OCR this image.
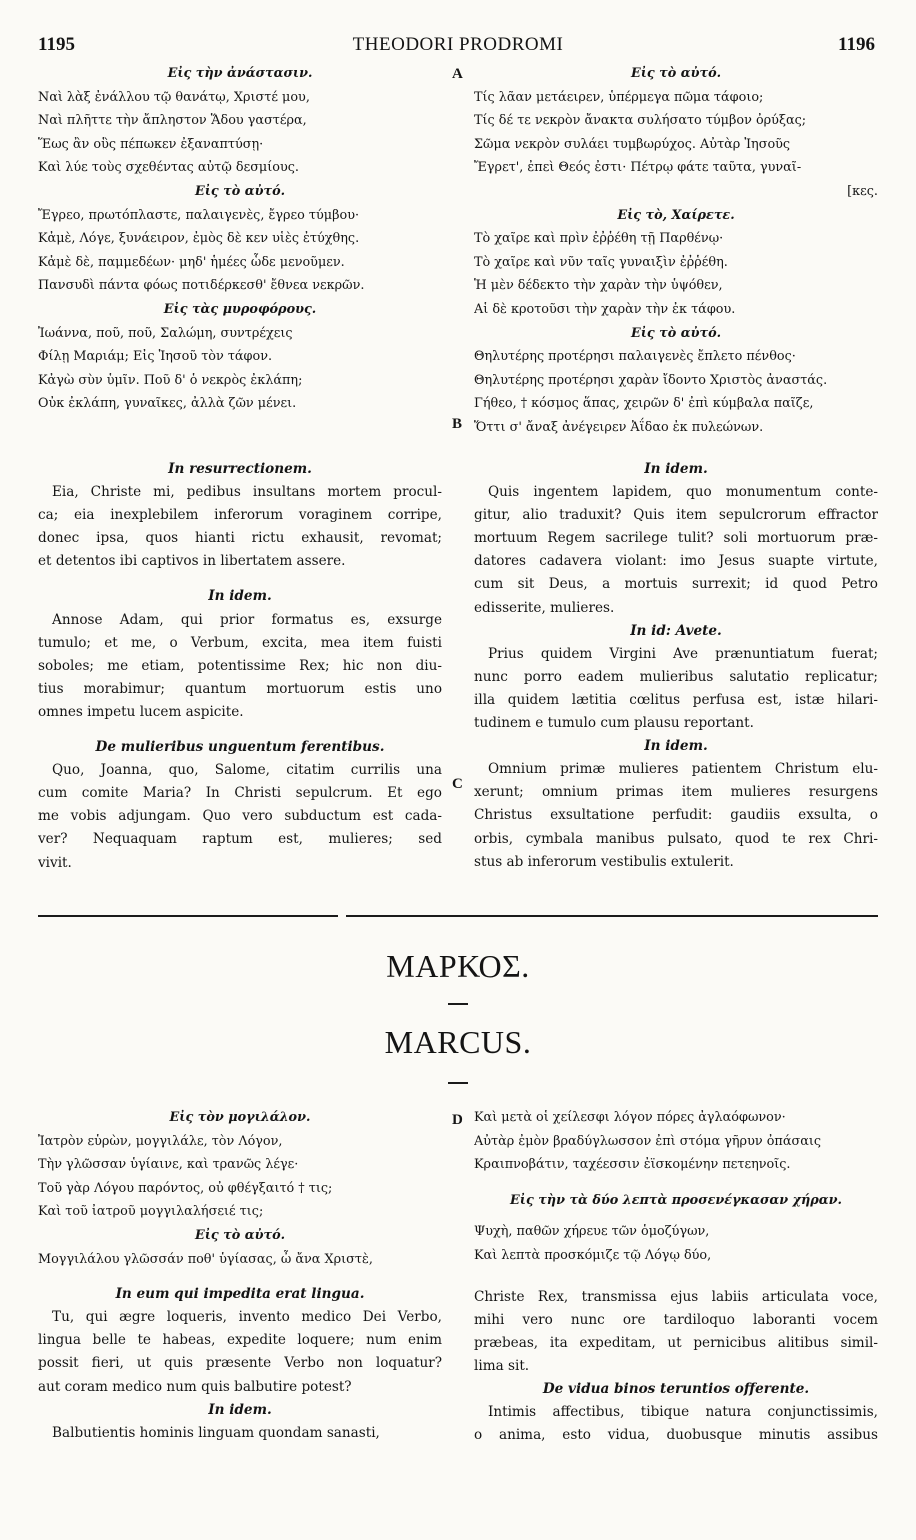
1195	THEODORI PRODROMI	1196
A
B
C
D
Εἰς τὴν ἀνάστασιν.
Ναὶ λὰξ ἐνάλλου τῷ θανάτῳ, Χριστέ μου,
Ναὶ πλῆττε τὴν ἄπληστον Ἅδου γαστέρα,
Ἕως ἂν οὓς πέπωκεν ἐξαναπτύσῃ·
Καὶ λύε τοὺς σχεθέντας αὐτῷ δεσμίους.
Εἰς τὸ αὐτό.
Ἔγρεο, πρωτόπλαστε, παλαιγενὲς, ἔγρεο τύμβου·
Κἀμὲ, Λόγε, ξυνάειρον, ἐμὸς δὲ κεν υἱὲς ἐτύχθης.
Κἀμὲ δὲ, παμμεδέων· μηδ' ἡμέες ὧδε μενοῦμεν.
Πανσυδὶ πάντα φόως ποτιδέρκεσθ' ἔθνεα νεκρῶν.
Εἰς τὰς μυροφόρους.
Ἰωάννα, ποῦ, ποῦ, Σαλώμη, συντρέχεις
Φίλῃ Μαριάμ; Εἰς Ἰησοῦ τὸν τάφον.
Κἀγὼ σὺν ὑμῖν. Ποῦ δ' ὁ νεκρὸς ἐκλάπη;
Οὐκ ἐκλάπη, γυναῖκες, ἀλλὰ ζῶν μένει.
Εἰς τὸ αὐτό.
Τίς λᾶαν μετάειρεν, ὑπέρμεγα πῶμα τάφοιο;
Τίς δέ τε νεκρὸν ἄνακτα συλήσατο τύμβον ὀρύξας;
Σῶμα νεκρὸν συλάει τυμβωρύχος. Αὐτὰρ Ἰησοῦς
Ἔγρετ', ἐπεὶ Θεός ἐστι· Πέτρῳ φάτε ταῦτα, γυναῖ-
[κες.
Εἰς τὸ, Χαίρετε.
Τὸ χαῖρε καὶ πρὶν ἐῤῥέθη τῇ Παρθένῳ·
Τὸ χαῖρε καὶ νῦν ταῖς γυναιξὶν ἐῤῥέθη.
Ἡ μὲν δέδεκτο τὴν χαρὰν τὴν ὑψόθεν,
Αἱ δὲ κροτοῦσι τὴν χαρὰν τὴν ἐκ τάφου.
Εἰς τὸ αὐτό.
Θηλυτέρης προτέρησι παλαιγενὲς ἔπλετο πένθος·
Θηλυτέρης προτέρησι χαρὰν ἴδοντο Χριστὸς ἀναστάς.
Γήθεο, † κόσμος ἅπας, χειρῶν δ' ἐπὶ κύμβαλα παῖζε,
Ὅττι σ' ἄναξ ἀνέγειρεν Ἀΐδαο ἐκ πυλεώνων.
In resurrectionem.
Eia, Christe mi, pedibus insultans mortem procul-
ca; eia inexplebilem inferorum voraginem corripe,
donec ipsa, quos hianti rictu exhausit, revomat;
et detentos ibi captivos in libertatem assere.
In idem.
Annose Adam, qui prior formatus es, exsurge
tumulo; et me, o Verbum, excita, mea item fuisti
soboles; me etiam, potentissime Rex; hic non diu-
tius morabimur; quantum mortuorum estis uno
omnes impetu lucem aspicite.
De mulieribus unguentum ferentibus.
Quo, Joanna, quo, Salome, citatim currilis una
cum comite Maria? In Christi sepulcrum. Et ego
me vobis adjungam. Quo vero subductum est cada-
ver? Nequaquam raptum est, mulieres; sed
vivit.
In idem.
Quis ingentem lapidem, quo monumentum conte-
gitur, alio traduxit? Quis item sepulcrorum effractor
mortuum Regem sacrilege tulit? soli mortuorum præ-
datores cadavera violant: imo Jesus suapte virtute,
cum sit Deus, a mortuis surrexit; id quod Petro
edisserite, mulieres.
In id: Avete.
Prius quidem Virgini Ave prænuntiatum fuerat;
nunc porro eadem mulieribus salutatio replicatur;
illa quidem lætitia cœlitus perfusa est, istæ hilari-
tudinem e tumulo cum plausu reportant.
In idem.
Omnium primæ mulieres patientem Christum elu-
xerunt; omnium primas item mulieres resurgens
Christus exsultatione perfudit: gaudiis exsulta, o
orbis, cymbala manibus pulsato, quod te rex Chri-
stus ab inferorum vestibulis extulerit.
ΜΑΡΚΟΣ.
MARCUS.
Εἰς τὸν μογιλάλον.
Ἰατρὸν εὑρὼν, μογγιλάλε, τὸν Λόγον,
Τὴν γλῶσσαν ὑγίαινε, καὶ τρανῶς λέγε·
Τοῦ γὰρ Λόγου παρόντος, οὐ φθέγξαιτό † τις;
Καὶ τοῦ ἰατροῦ μογγιλαλήσειέ τις;
Εἰς τὸ αὐτό.
Μογγιλάλου γλῶσσάν ποθ' ὑγίασας, ὦ ἄνα Χριστὲ,
In eum qui impedita erat lingua.
Tu, qui ægre loqueris, invento medico Dei Verbo,
lingua belle te habeas, expedite loquere; num enim
possit fieri, ut quis præsente Verbo non loquatur?
aut coram medico num quis balbutire potest?
In idem.
Balbutientis hominis linguam quondam sanasti,
Καὶ μετὰ οἱ χείλεσφι λόγον πόρες ἀγλαόφωνον·
Αὐτὰρ ἐμὸν βραδύγλωσσον ἐπὶ στόμα γῆρυν ὀπάσαις
Κραιπνοβάτιν, ταχέεσσιν ἐϊσκομένην πετεηνοῖς.
Εἰς τὴν τὰ δύο λεπτὰ προσενέγκασαν χήραν.
Ψυχὴ, παθῶν χήρευε τῶν ὁμοζύγων,
Καὶ λεπτὰ προσκόμιζε τῷ Λόγῳ δύο,
Christe Rex, transmissa ejus labiis articulata voce,
mihi vero nunc ore tardiloquo laboranti vocem
præbeas, ita expeditam, ut pernicibus alitibus simil-
lima sit.
De vidua binos teruntios offerente.
Intimis affectibus, tibique natura conjunctissimis,
o anima, esto vidua, duobusque minutis assibus
